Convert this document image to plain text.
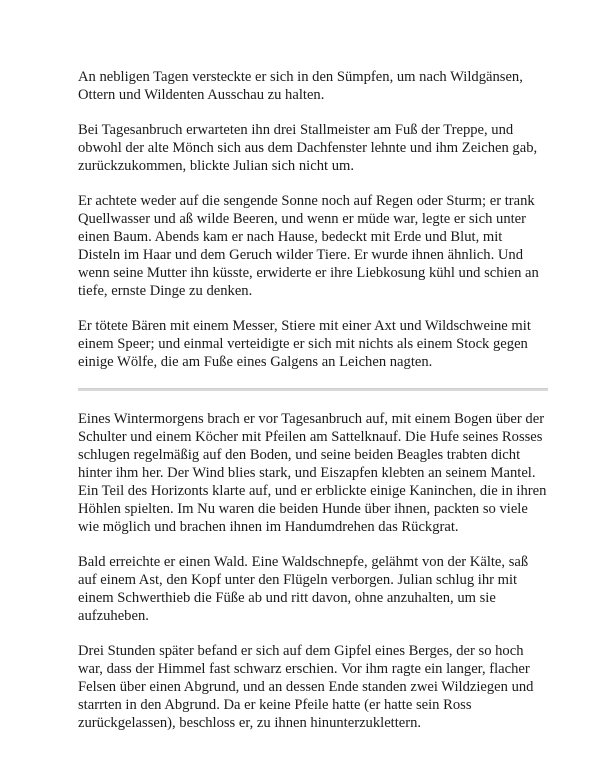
An nebligen Tagen versteckte er sich in den Sümpfen, um nach Wildgänsen, Ottern und Wildenten Ausschau zu halten.

Bei Tagesanbruch erwarteten ihn drei Stallmeister am Fuß der Treppe, und obwohl der alte Mönch sich aus dem Dachfenster lehnte und ihm Zeichen gab, zurückzukommen, blickte Julian sich nicht um.

Er achtete weder auf die sengende Sonne noch auf Regen oder Sturm; er trank Quellwasser und aß wilde Beeren, und wenn er müde war, legte er sich unter einen Baum. Abends kam er nach Hause, bedeckt mit Erde und Blut, mit Disteln im Haar und dem Geruch wilder Tiere. Er wurde ihnen ähnlich. Und wenn seine Mutter ihn küsste, erwiderte er ihre Liebkosung kühl und schien an tiefe, ernste Dinge zu denken.

Er tötete Bären mit einem Messer, Stiere mit einer Axt und Wildschweine mit einem Speer; und einmal verteidigte er sich mit nichts als einem Stock gegen einige Wölfe, die am Fuße eines Galgens an Leichen nagten.

Eines Wintermorgens brach er vor Tagesanbruch auf, mit einem Bogen über der Schulter und einem Köcher mit Pfeilen am Sattelknauf. Die Hufe seines Rosses schlugen regelmäßig auf den Boden, und seine beiden Beagles trabten dicht hinter ihm her. Der Wind blies stark, und Eiszapfen klebten an seinem Mantel. Ein Teil des Horizonts klarte auf, und er erblickte einige Kaninchen, die in ihren Höhlen spielten. Im Nu waren die beiden Hunde über ihnen, packten so viele wie möglich und brachen ihnen im Handumdrehen das Rückgrat.

Bald erreichte er einen Wald. Eine Waldschnepfe, gelähmt von der Kälte, saß auf einem Ast, den Kopf unter den Flügeln verborgen. Julian schlug ihr mit einem Schwerthieb die Füße ab und ritt davon, ohne anzuhalten, um sie aufzuheben.

Drei Stunden später befand er sich auf dem Gipfel eines Berges, der so hoch war, dass der Himmel fast schwarz erschien. Vor ihm ragte ein langer, flacher Felsen über einen Abgrund, und an dessen Ende standen zwei Wildziegen und starrten in den Abgrund. Da er keine Pfeile hatte (er hatte sein Ross zurückgelassen), beschloss er, zu ihnen hinunterzuklettern.
